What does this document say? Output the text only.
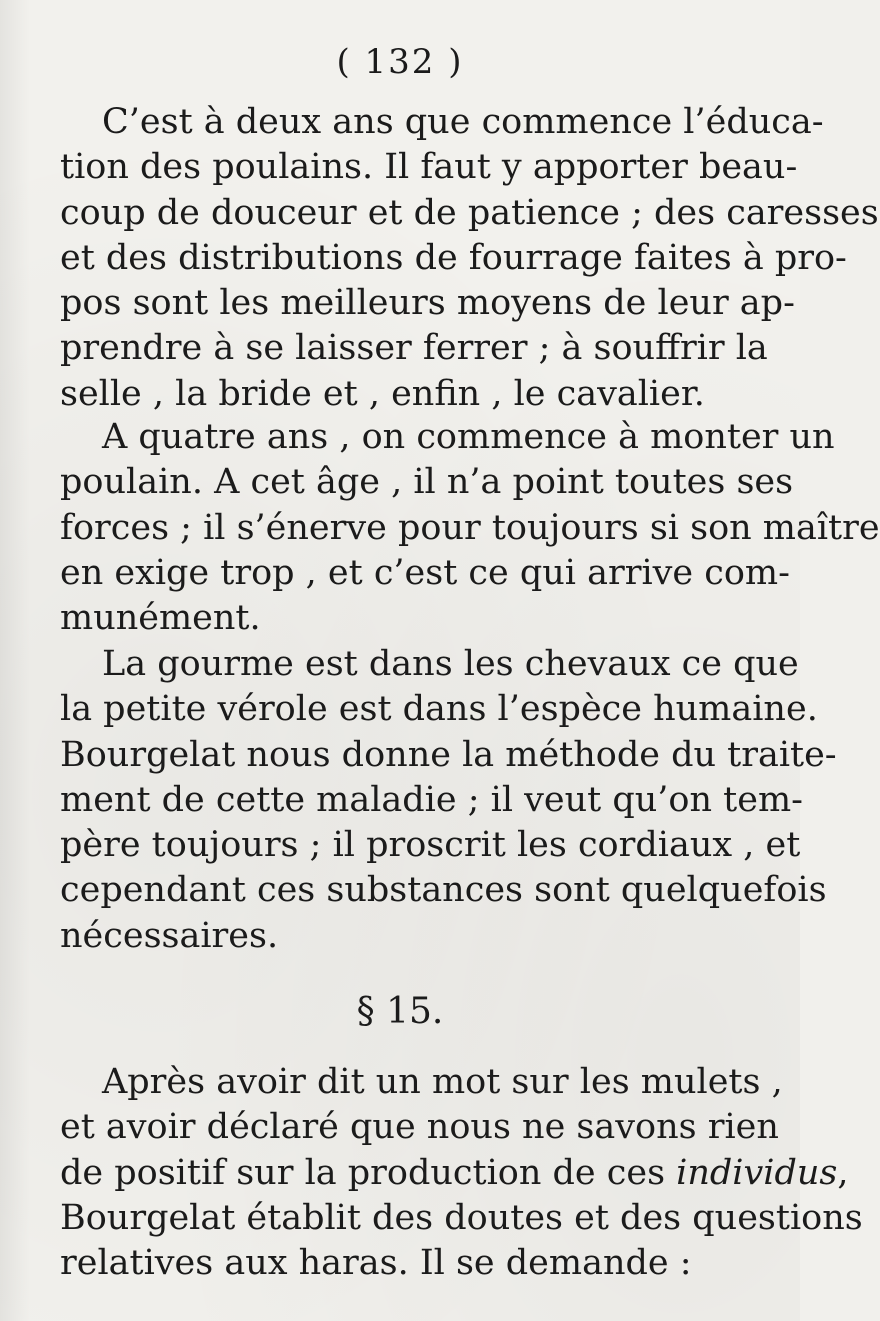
( 132 )
C’est à deux ans que commence l’éduca-
tion des poulains. Il faut y apporter beau-
coup de douceur et de patience ; des caresses
et des distributions de fourrage faites à pro-
pos sont les meilleurs moyens de leur ap-
prendre à se laisser ferrer ; à souffrir la
selle , la bride et , enfin , le cavalier.
A quatre ans , on commence à monter un
poulain. A cet âge , il n’a point toutes ses
forces ; il s’énerve pour toujours si son maître
en exige trop , et c’est ce qui arrive com-
munément.
La gourme est dans les chevaux ce que
la petite vérole est dans l’espèce humaine.
Bourgelat nous donne la méthode du traite-
ment de cette maladie ; il veut qu’on tem-
père toujours ; il proscrit les cordiaux , et
cependant ces substances sont quelquefois
nécessaires.
§ 15.
Après avoir dit un mot sur les mulets ,
et avoir déclaré que nous ne savons rien
de positif sur la production de ces individus,
Bourgelat établit des doutes et des questions
relatives aux haras. Il se demande :
